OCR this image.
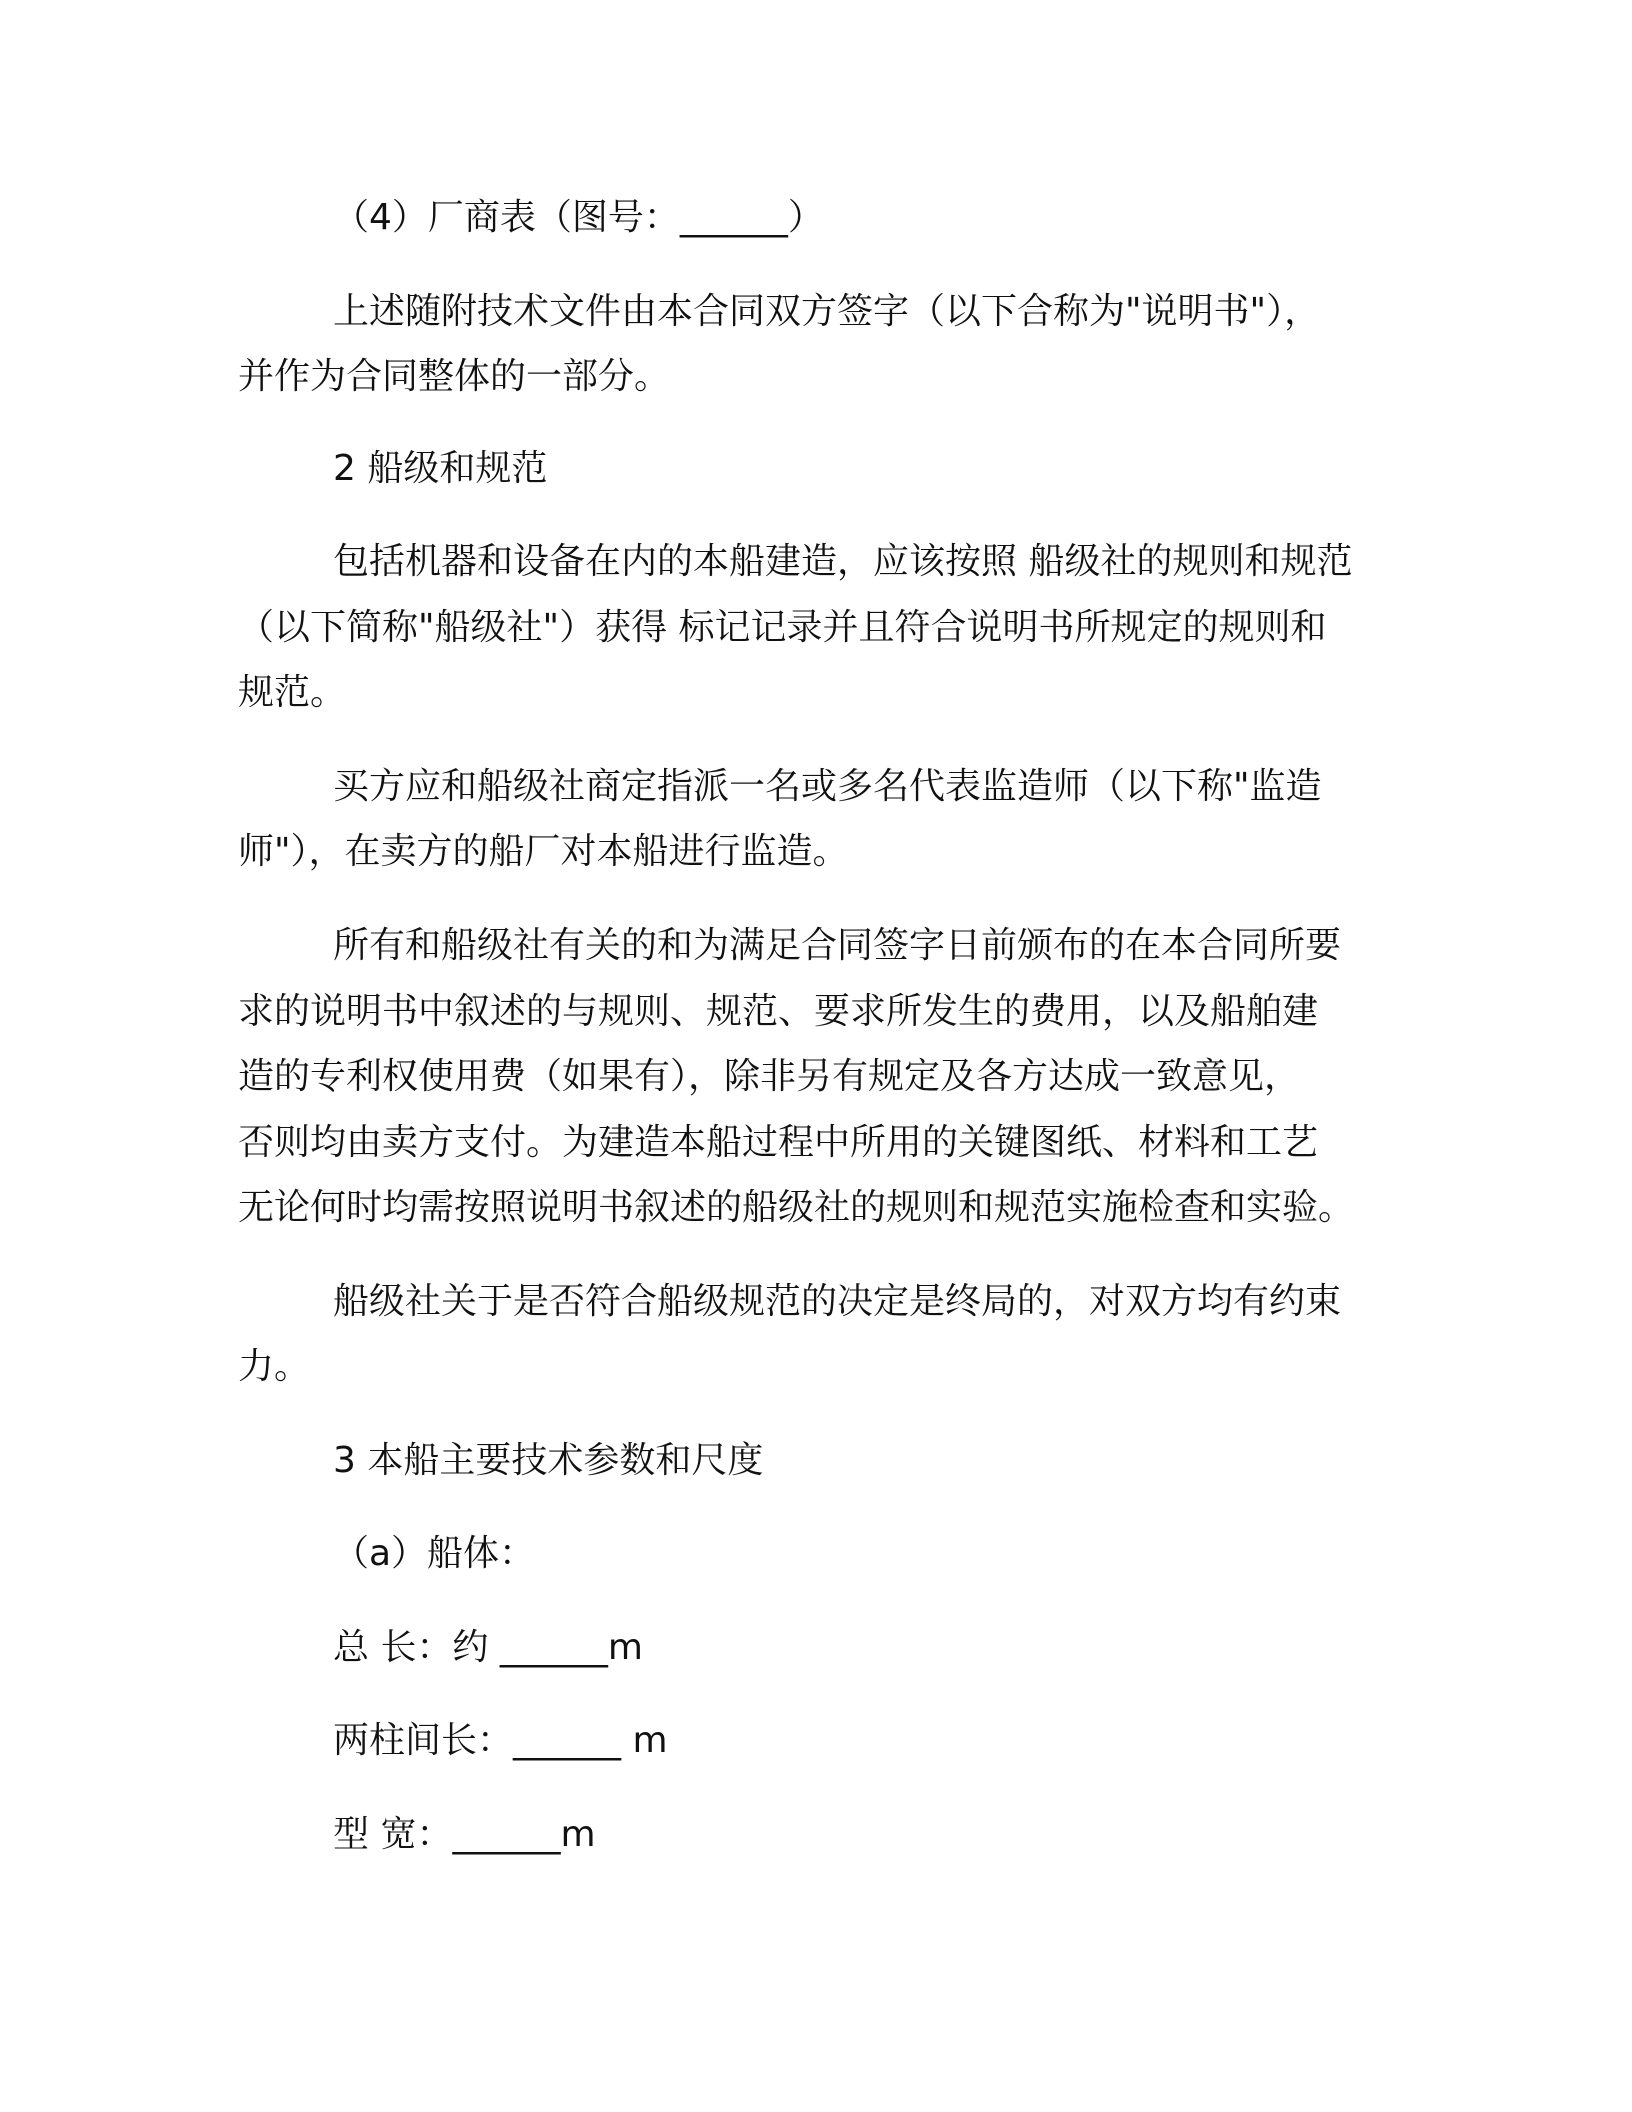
（4）厂商表（图号：______）
上述随附技术文件由本合同双方签字（以下合称为"说明书"），
并作为合同整体的一部分。
2 船级和规范
包括机器和设备在内的本船建造，应该按照 船级社的规则和规范
（以下简称"船级社"）获得 标记记录并且符合说明书所规定的规则和
规范。
买方应和船级社商定指派一名或多名代表监造师（以下称"监造
师"），在卖方的船厂对本船进行监造。
所有和船级社有关的和为满足合同签字日前颁布的在本合同所要
求的说明书中叙述的与规则、规范、要求所发生的费用，以及船舶建
造的专利权使用费（如果有），除非另有规定及各方达成一致意见，
否则均由卖方支付。为建造本船过程中所用的关键图纸、材料和工艺
无论何时均需按照说明书叙述的船级社的规则和规范实施检查和实验。
船级社关于是否符合船级规范的决定是终局的，对双方均有约束
力。
3 本船主要技术参数和尺度
（a）船体：
总 长：约 ______m
两柱间长：______ m
型 宽：______m
